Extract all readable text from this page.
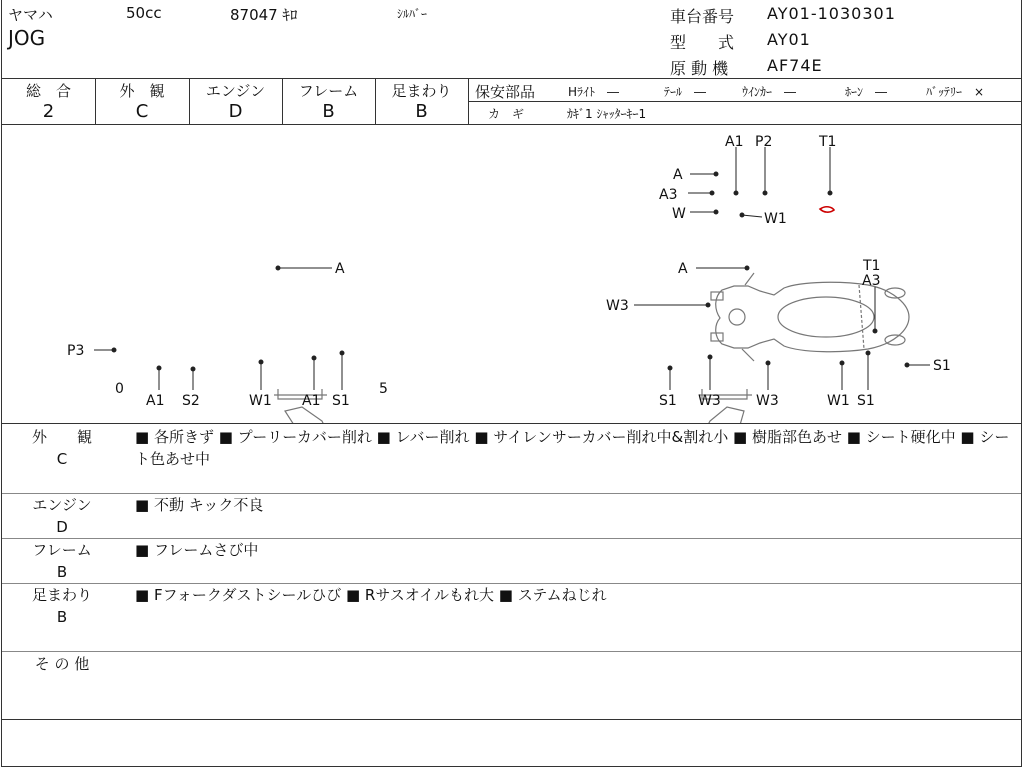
ヤマハ	50cc	87047 ｷﾛ	ｼﾙﾊﾞｰ
JOG
車台番号 AY01-1030301
型　　式 AY01
原 動 機 AF74E
総　合
2
外　観
C
エンジン
D
フレーム
B
足まわり
B
保安部品	Hﾗｲﾄ　―	ﾃｰﾙ　―	ｳｲﾝｶｰ　―	ﾎｰﾝ　―	ﾊﾞｯﾃﾘｰ　×
カ　ギ	ｶｷﾞ1 ｼｬｯﾀｰｷｰ1
A1 P2	T1
A
A3
W	W1
A
P3
0
A1 S2	W1 A1 S1
5
A	T1
A3
W3
S1
S1 W3	W3	W1 S1
外　　観
C
■ 各所きず ■ プーリーカバー削れ ■ レバー削れ ■ サイレンサーカバー削れ中&割れ小 ■ 樹脂部色あせ ■ シート硬化中 ■ シート色あせ中
エンジン
D
■ 不動 キック不良
フレーム
B
■ フレームさび中
足まわり
B
■ Fフォークダストシールひび ■ Rサスオイルもれ大 ■ ステムねじれ
そ の 他
